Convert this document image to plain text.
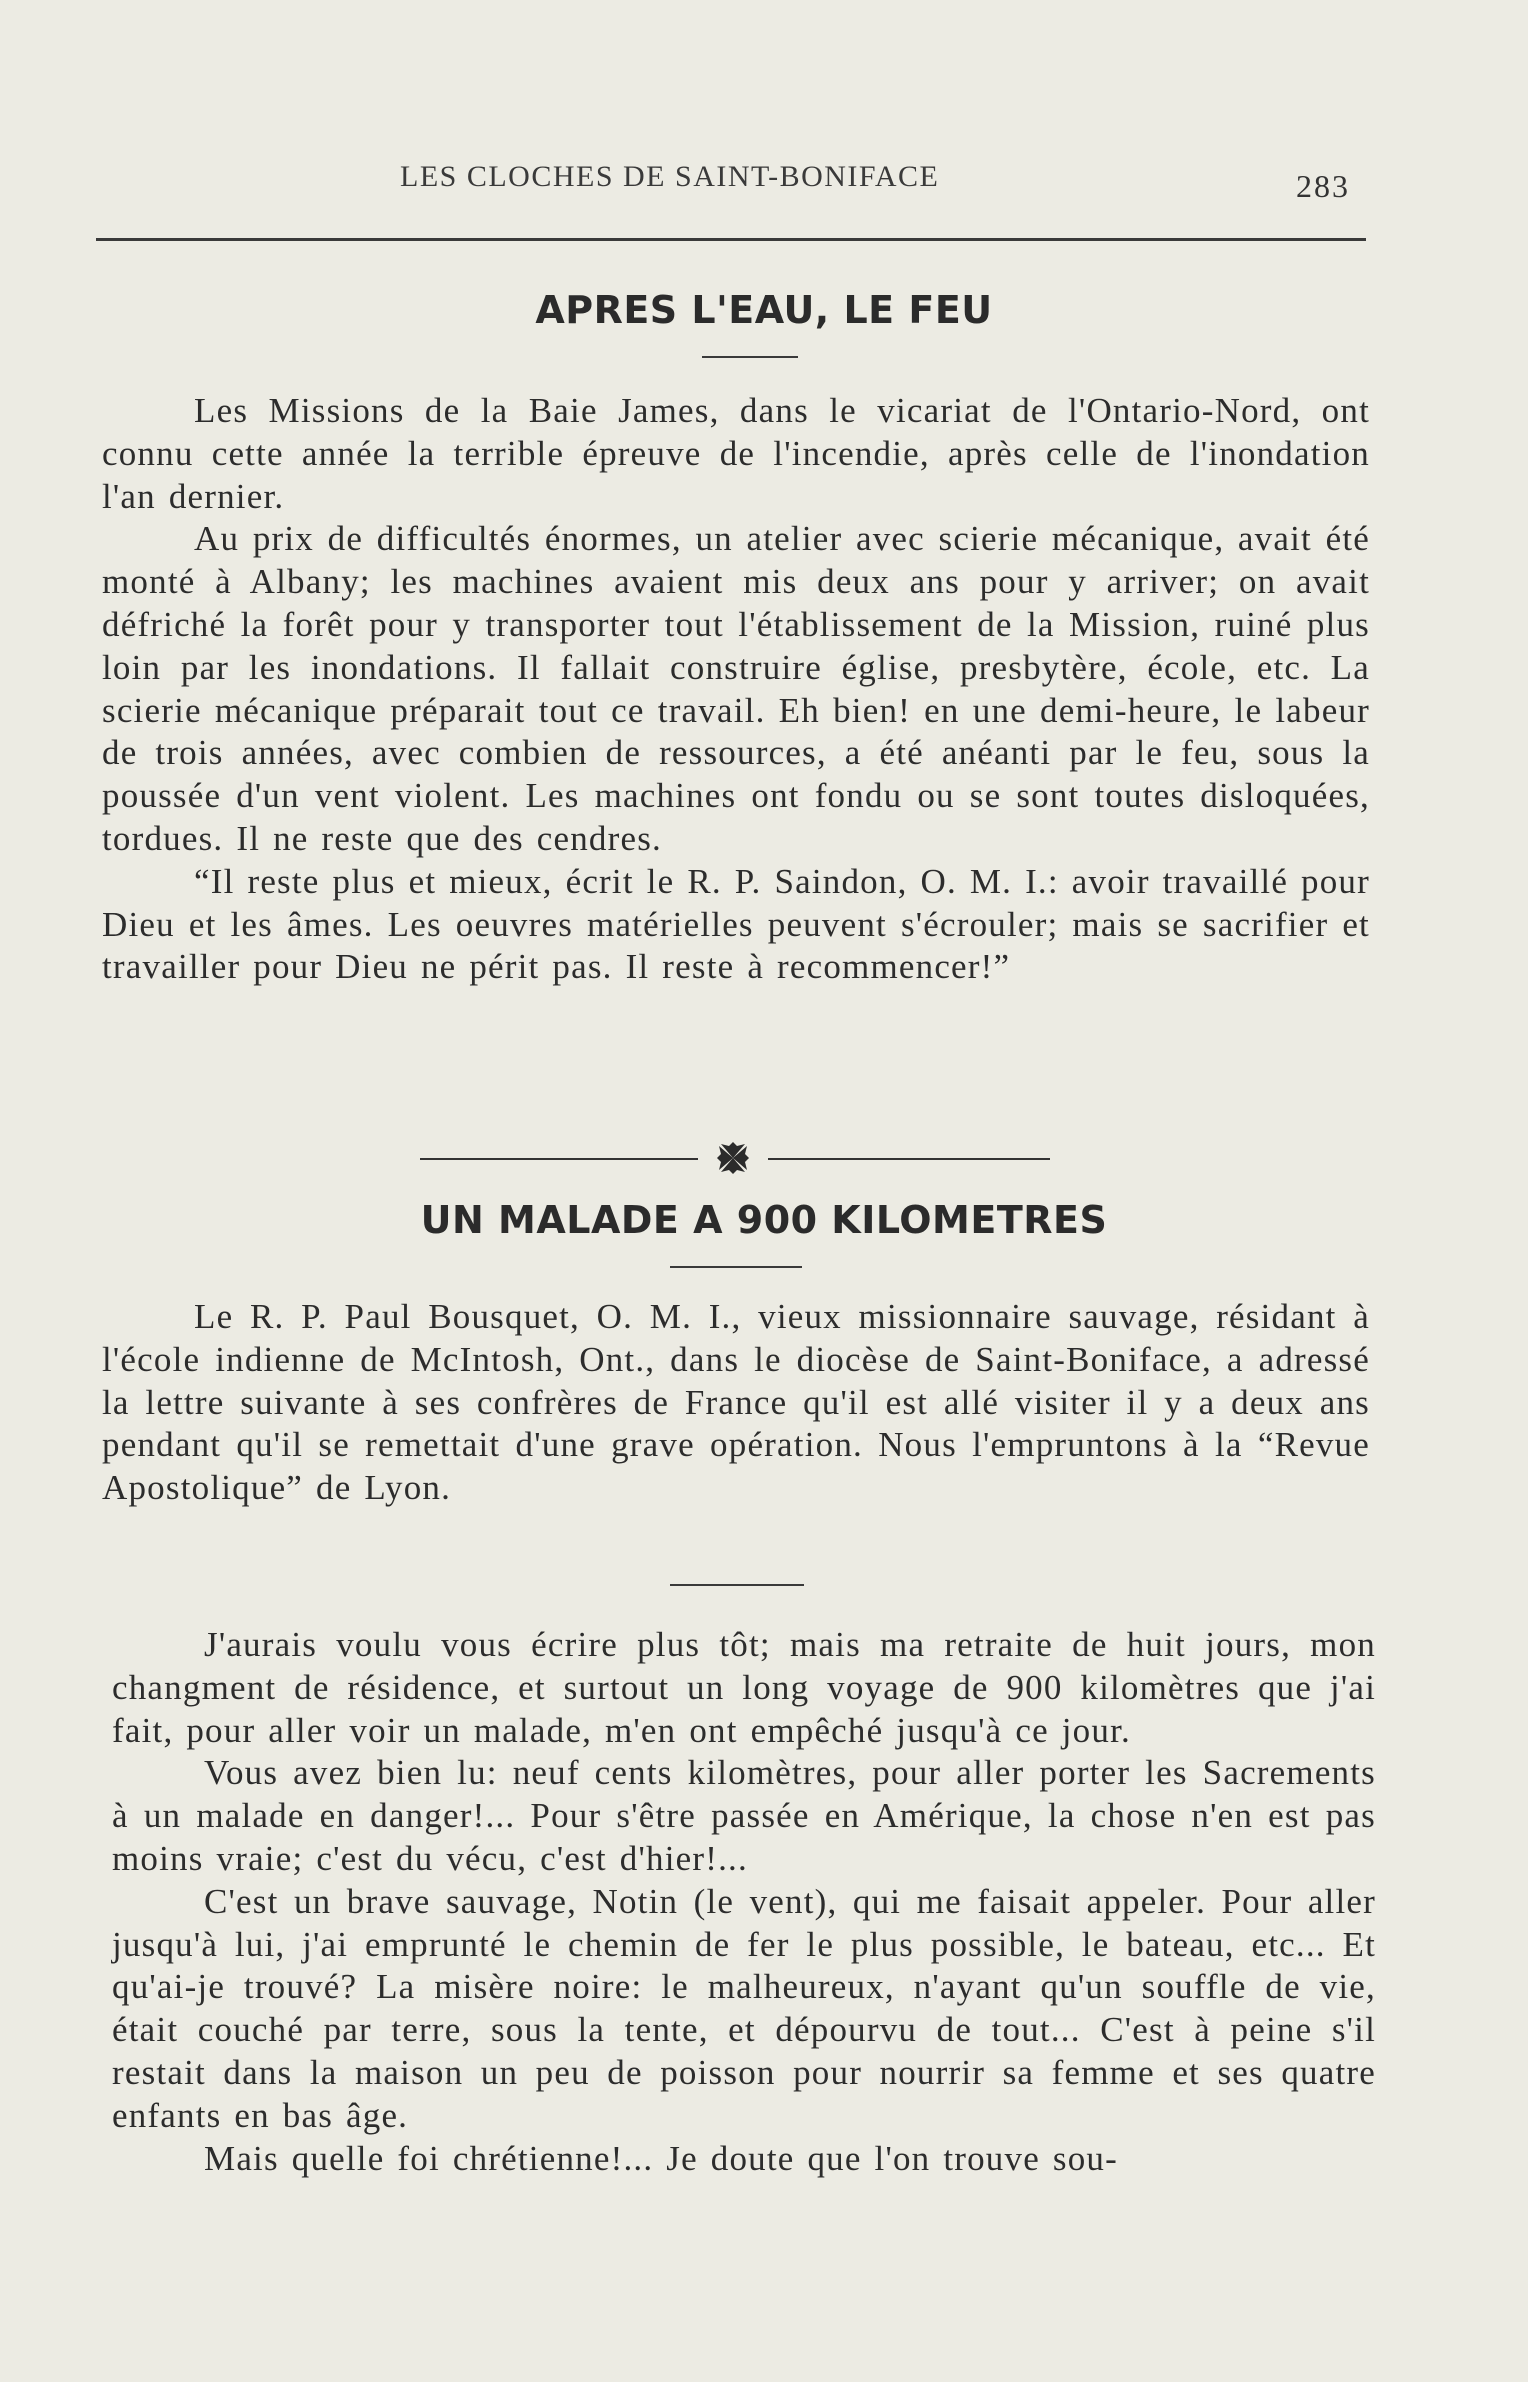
LES CLOCHES DE SAINT-BONIFACE	283
APRES L'EAU, LE FEU

Les Missions de la Baie James, dans le vicariat de l'Ontario-Nord, ont connu cette année la terrible épreuve de l'incendie, après celle de l'inondation l'an dernier.

Au prix de difficultés énormes, un atelier avec scierie mécanique, avait été monté à Albany; les machines avaient mis deux ans pour y arriver; on avait défriché la forêt pour y transporter tout l'établissement de la Mission, ruiné plus loin par les inondations. Il fallait construire église, presbytère, école, etc. La scierie mécanique préparait tout ce travail. Eh bien! en une demi-heure, le labeur de trois années, avec combien de ressources, a été anéanti par le feu, sous la poussée d'un vent violent. Les machines ont fondu ou se sont toutes disloquées, tordues. Il ne reste que des cendres.

“Il reste plus et mieux, écrit le R. P. Saindon, O. M. I.: avoir travaillé pour Dieu et les âmes. Les oeuvres matérielles peuvent s'écrouler; mais se sacrifier et travailler pour Dieu ne périt pas. Il reste à recommencer!”

UN MALADE A 900 KILOMETRES

Le R. P. Paul Bousquet, O. M. I., vieux missionnaire sauvage, résidant à l'école indienne de McIntosh, Ont., dans le diocèse de Saint-Boniface, a adressé la lettre suivante à ses confrères de France qu'il est allé visiter il y a deux ans pendant qu'il se remettait d'une grave opération. Nous l'empruntons à la “Revue Apostolique” de Lyon.

J'aurais voulu vous écrire plus tôt; mais ma retraite de huit jours, mon changment de résidence, et surtout un long voyage de 900 kilomètres que j'ai fait, pour aller voir un malade, m'en ont empêché jusqu'à ce jour.

Vous avez bien lu: neuf cents kilomètres, pour aller porter les Sacrements à un malade en danger!... Pour s'être passée en Amérique, la chose n'en est pas moins vraie; c'est du vécu, c'est d'hier!...

C'est un brave sauvage, Notin (le vent), qui me faisait appeler. Pour aller jusqu'à lui, j'ai emprunté le chemin de fer le plus possible, le bateau, etc... Et qu'ai-je trouvé? La misère noire: le malheureux, n'ayant qu'un souffle de vie, était couché par terre, sous la tente, et dépourvu de tout... C'est à peine s'il restait dans la maison un peu de poisson pour nourrir sa femme et ses quatre enfants en bas âge.

Mais quelle foi chrétienne!... Je doute que l'on trouve sou-
